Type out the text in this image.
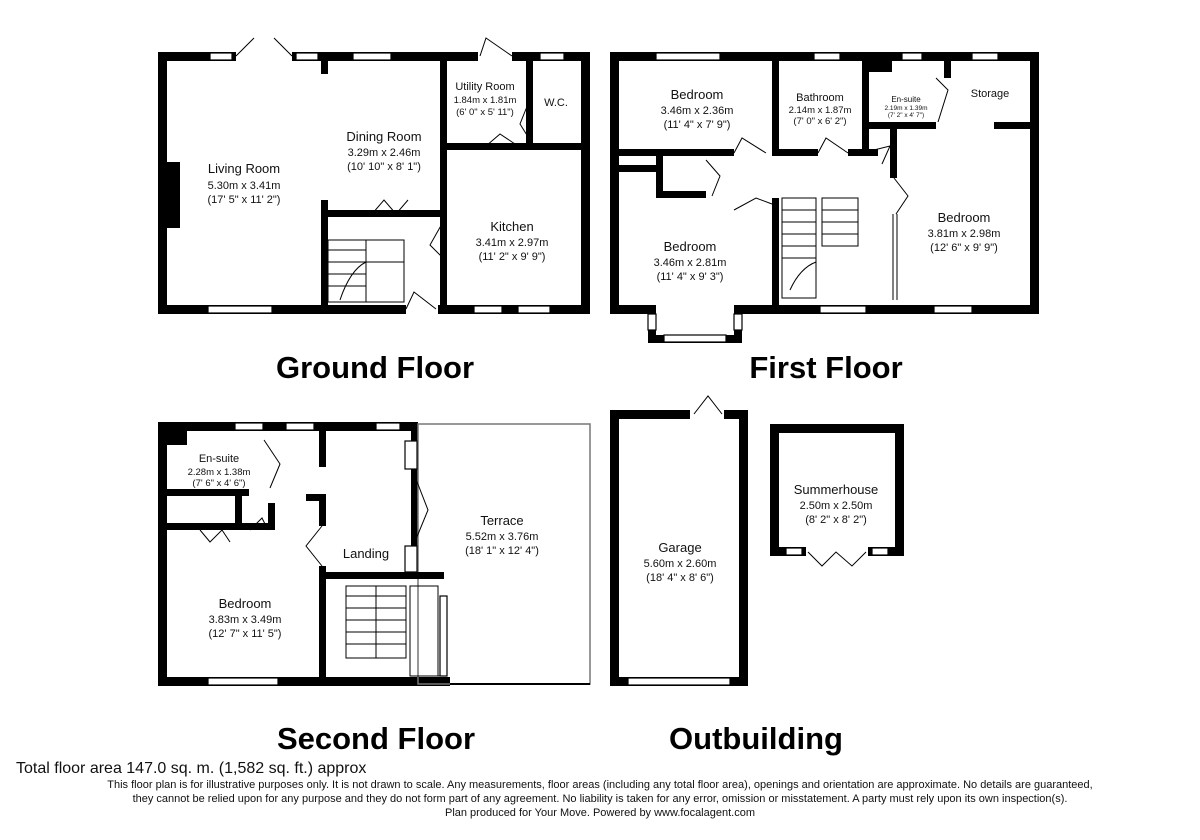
Living Room
5.30m x 3.41m
(17' 5" x 11' 2")
Dining Room
3.29m x 2.46m
(10' 10" x 8' 1")
Utility Room
1.84m x 1.81m
(6' 0" x 5' 11")
W.C.
Kitchen
3.41m x 2.97m
(11' 2" x 9' 9")
Ground Floor
Bedroom
3.46m x 2.36m
(11' 4" x 7' 9")
Bathroom
2.14m x 1.87m
(7' 0" x 6' 2")
En-suite
2.19m x 1.39m
(7' 2" x 4' 7")
Storage
Bedroom
3.46m x 2.81m
(11' 4" x 9' 3")
Bedroom
3.81m x 2.98m
(12' 6" x 9' 9")
First Floor
En-suite
2.28m x 1.38m
(7' 6" x 4' 6")
Landing
Terrace
5.52m x 3.76m
(18' 1" x 12' 4")
Bedroom
3.83m x 3.49m
(12' 7" x 11' 5")
Second Floor
Garage
5.60m x 2.60m
(18' 4" x 8' 6")
Summerhouse
2.50m x 2.50m
(8' 2" x 8' 2")
Outbuilding
Total floor area 147.0 sq. m. (1,582 sq. ft.) approx
This floor plan is for illustrative purposes only. It is not drawn to scale. Any measurements, floor areas (including any total floor area), openings and orientation are approximate. No details are guaranteed,
they cannot be relied upon for any purpose and they do not form part of any agreement. No liability is taken for any error, omission or misstatement. A party must rely upon its own inspection(s).
Plan produced for Your Move. Powered by www.focalagent.com
